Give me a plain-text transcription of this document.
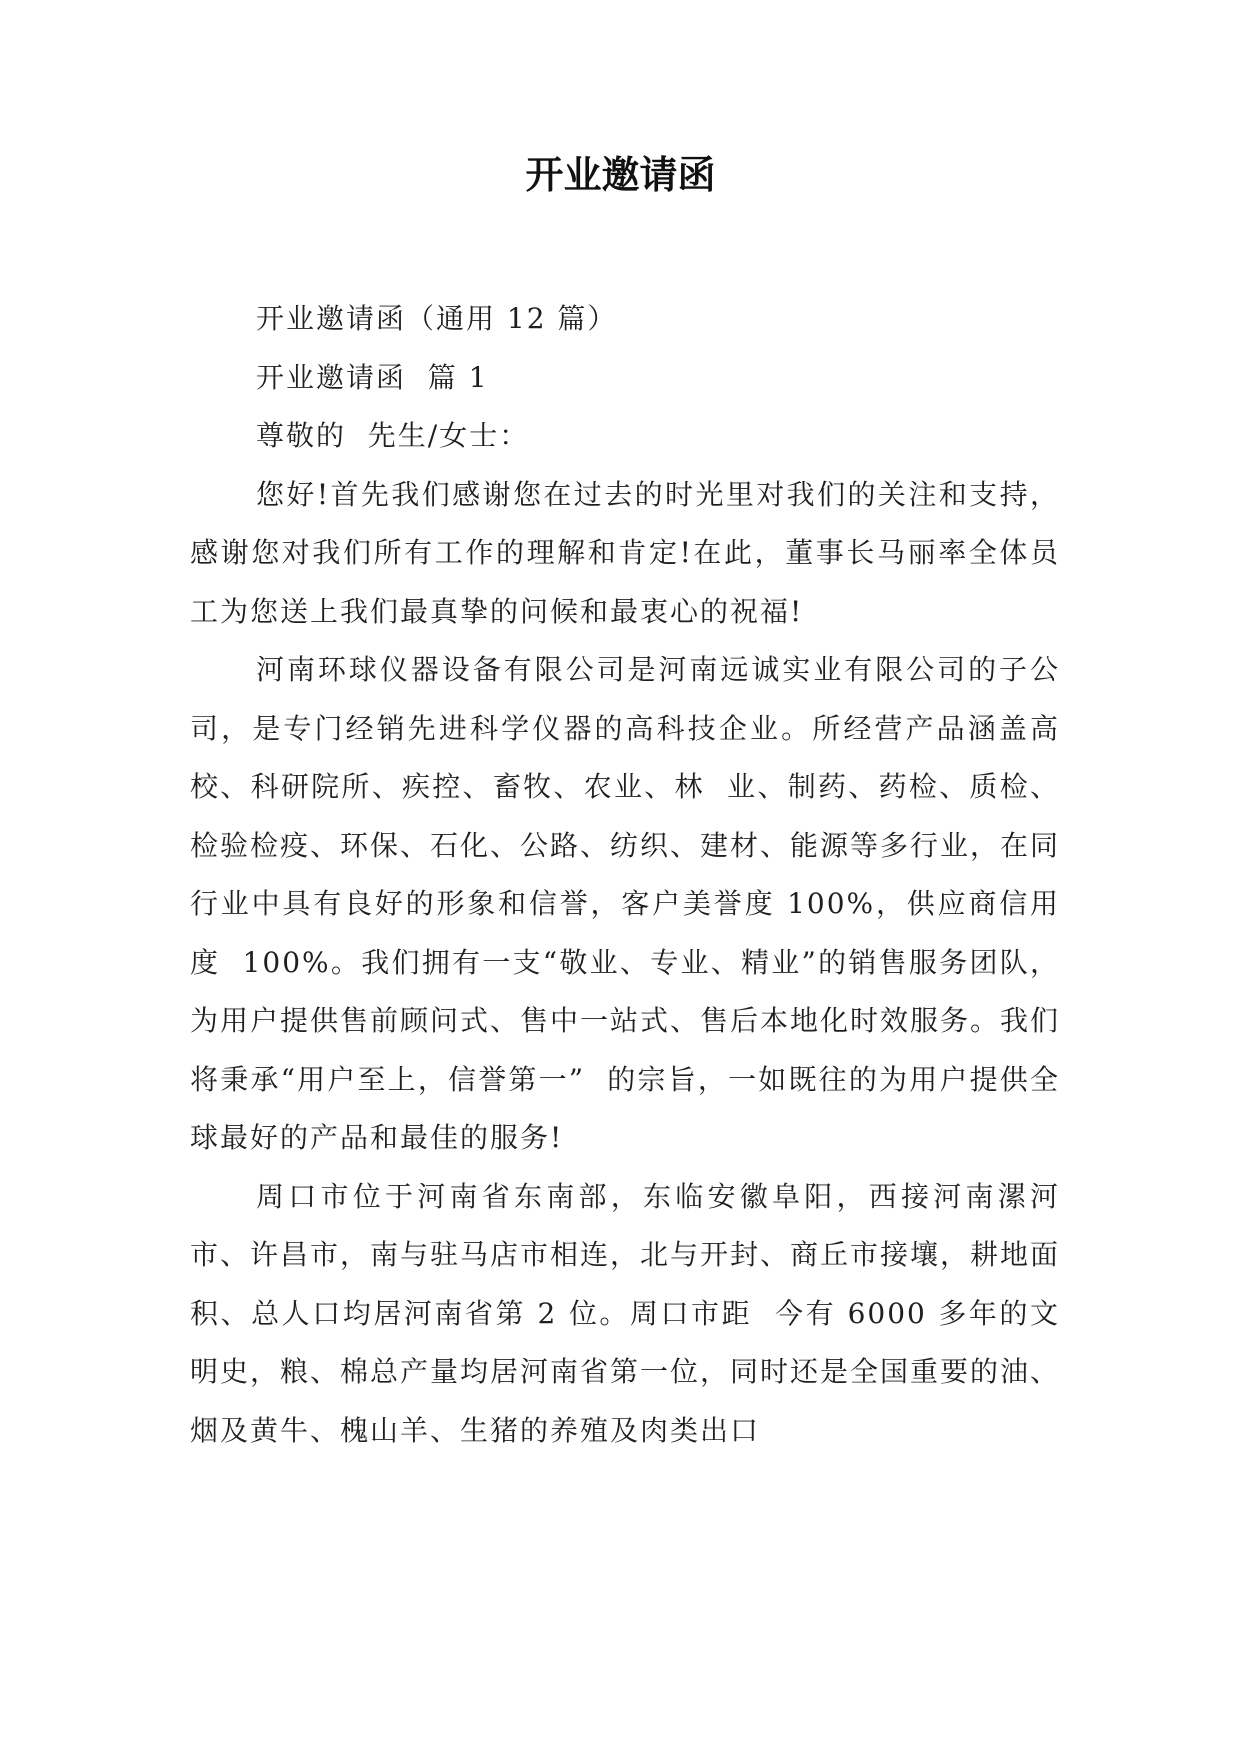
开业邀请函

开业邀请函（通用 12 篇）

开业邀请函  篇 1

尊敬的  先生/女士：

您好!首先我们感谢您在过去的时光里对我们的关注和支持，感谢您对我们所有工作的理解和肯定!在此，董事长马丽率全体员工为您送上我们最真挚的问候和最衷心的祝福!

河南环球仪器设备有限公司是河南远诚实业有限公司的子公司，是专门经销先进科学仪器的高科技企业。所经营产品涵盖高校、科研院所、疾控、畜牧、农业、林  业、制药、药检、质检、检验检疫、环保、石化、公路、纺织、建材、能源等多行业，在同行业中具有良好的形象和信誉，客户美誉度 100%，供应商信用度  100%。我们拥有一支“敬业、专业、精业”的销售服务团队，为用户提供售前顾问式、售中一站式、售后本地化时效服务。我们将秉承“用户至上，信誉第一”  的宗旨，一如既往的为用户提供全球最好的产品和最佳的服务!

周口市位于河南省东南部，东临安徽阜阳，西接河南漯河市、许昌市，南与驻马店市相连，北与开封、商丘市接壤，耕地面积、总人口均居河南省第 2 位。周口市距  今有 6000 多年的文明史，粮、棉总产量均居河南省第一位，同时还是全国重要的油、烟及黄牛、槐山羊、生猪的养殖及肉类出口
